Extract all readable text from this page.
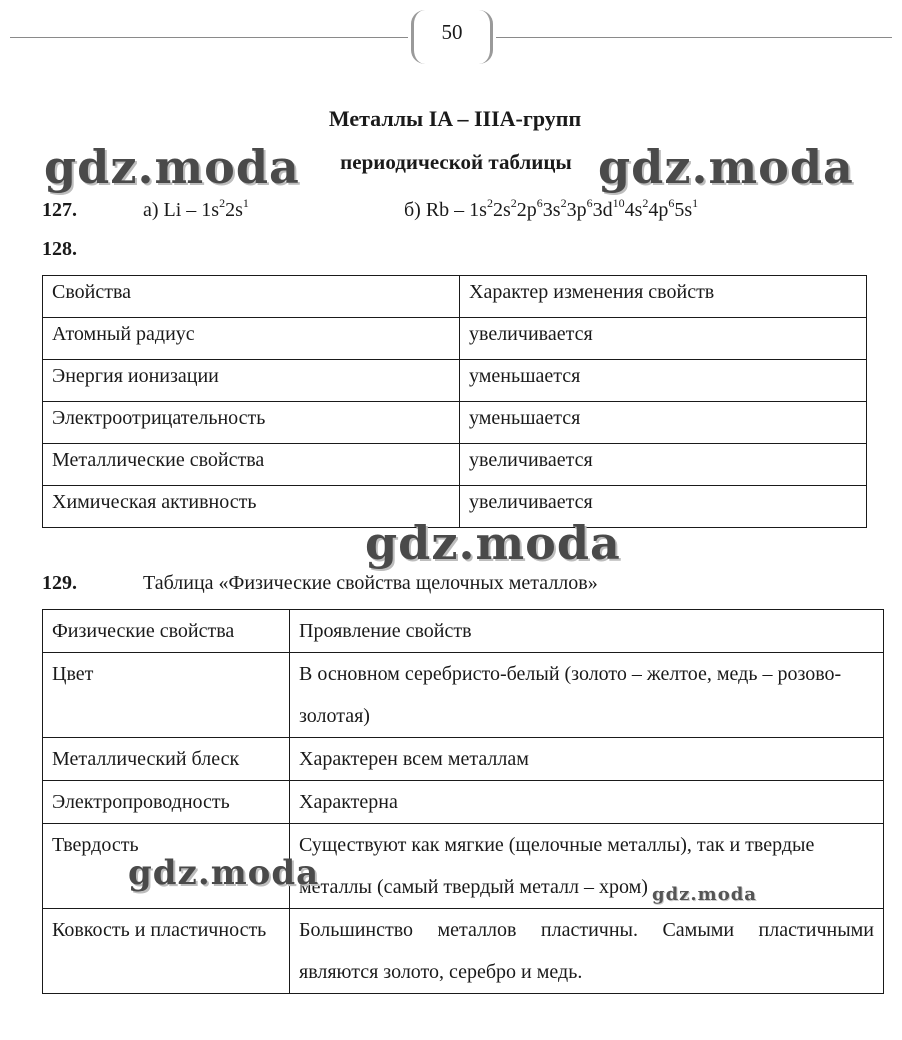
50
Металлы IA – IIIA-групп
периодической таблицы
127.	а) Li – $1s^22s^1$	б) Rb – $1s^22s^22p^63s^23p^63d^{10}4s^24p^65s^1$
128.
Свойства	Характер изменения свойств
Атомный радиус	увеличивается
Энергия ионизации	уменьшается
Электроотрицательность	уменьшается
Металлические свойства	увеличивается
Химическая активность	увеличивается
129.	Таблица «Физические свойства щелочных металлов»
Физические свойства	Проявление свойств
Цвет	В основном серебристо-белый (золото – желтое, медь – розово-золотая)
Металлический блеск	Характерен всем металлам
Электропроводность	Характерна
Твердость	Существуют как мягкие (щелочные металлы), так и твердые металлы (самый твердый металл – хром)
Ковкость и пластичность	Большинство металлов пластичны. Самыми пластичными являются золото, серебро и медь.
gdz.moda	gdz.moda
gdz.moda
gdz.moda
gdz.moda
